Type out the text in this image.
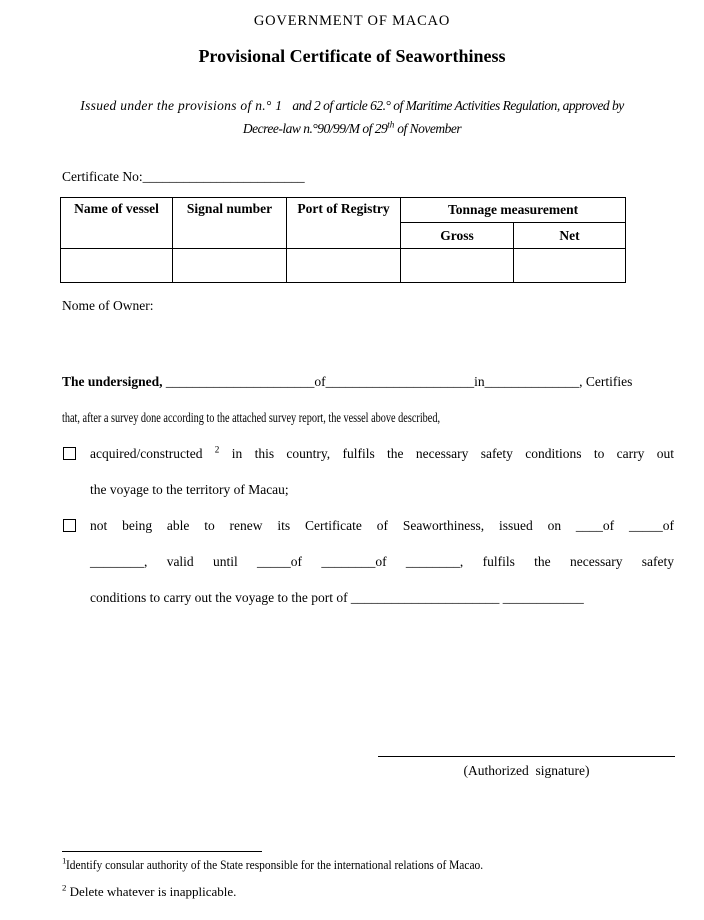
GOVERNMENT OF MACAO
Provisional Certificate of Seaworthiness
Issued under the provisions of n.° 1 and 2 of article 62.° of Maritime Activities Regulation, approved by
Decree-law n.°90/99/M of 29th of November
Certificate No:________________________
Name of vessel	Signal number	Port of Registry	Tonnage measurement	
			Gross	Net

Nome of Owner:
The undersigned, ______________________of______________________in______________, Certifies
that, after a survey done according to the attached survey report, the vessel above described,
acquired/constructed $^2$ in this country, fulfils the necessary safety conditions to carry out
the voyage to the territory of Macau;
not being able to renew its Certificate of Seaworthiness, issued on ____of _____of
________, valid until _____of ________of ________, fulfils the necessary safety
conditions to carry out the voyage to the port of ______________________ ____________
(Authorized  signature)
$^1$Identify consular authority of the State responsible for the international relations of Macao.
$^2$ Delete whatever is inapplicable.
